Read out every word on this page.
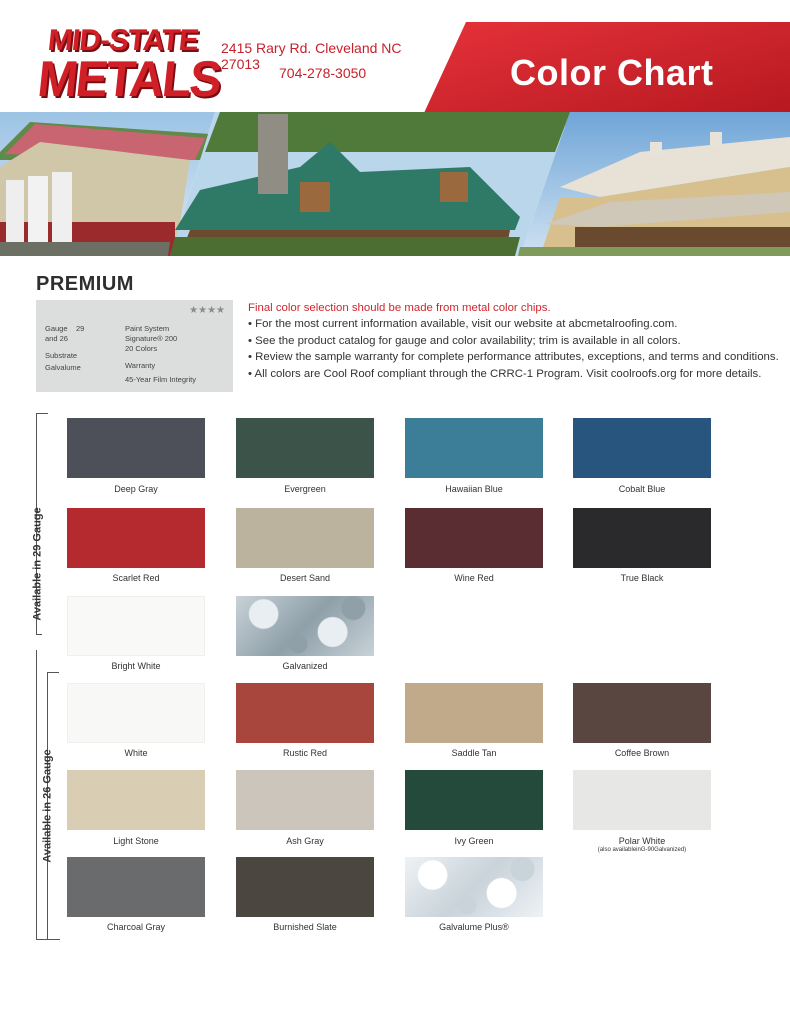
MID-STATE
METALS
2415 Rary Rd. Cleveland NC 27013
704-278-3050	Color Chart
PREMIUM
★★★★
Gauge 29
and 26
Substrate
Galvalume
Paint System
Signature® 200
20 Colors
Warranty
45-Year Film Integrity
Final color selection should be made from metal color chips.
• For the most current information available, visit our website at abcmetalroofing.com.
• See the product catalog for gauge and color availability; trim is available in all colors.
• Review the sample warranty for complete performance attributes, exceptions, and terms and conditions.
• All colors are Cool Roof compliant through the CRRC-1 Program. Visit coolroofs.org for more details.
Available in 29 Gauge
Available in 26 Gauge
Deep Gray	Evergreen	Hawaiian Blue	Cobalt Blue
Scarlet Red	Desert Sand	Wine Red	True Black
Bright White	Galvanized
White	Rustic Red	Saddle Tan	Coffee Brown
Light Stone	Ash Gray	Ivy Green	Polar White
(also availableinG-90Galvanized)
Charcoal Gray	Burnished Slate	Galvalume Plus®
